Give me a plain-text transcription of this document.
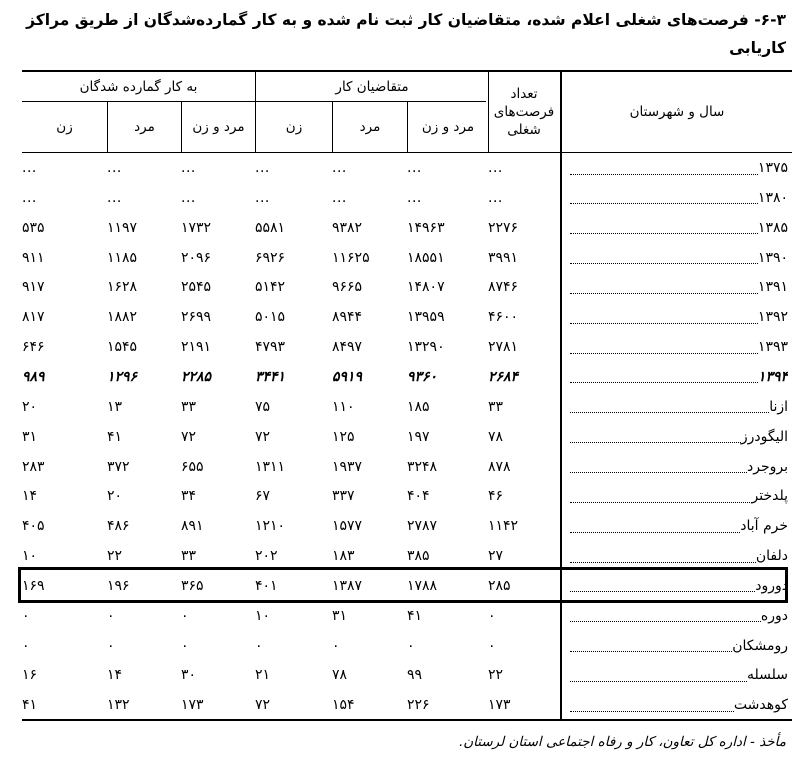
۶-۳- فرصت‌های شغلی اعلام شده، متقاضیان کار ثبت نام شده و به کار گمارده‌شدگان از طریق مراکز کاریابی
سال و شهرستان
تعداد فرصت‌های شغلی
متقاضیان کار
به کار گمارده شدگان
مرد و زن
مرد
زن
مرد و زن
مرد
زن
۱۳۷۵
...
...
...
...
...
...
...
۱۳۸۰
...
...
...
...
...
...
...
۱۳۸۵
۲۲۷۶
۱۴۹۶۳
۹۳۸۲
۵۵۸۱
۱۷۳۲
۱۱۹۷
۵۳۵
۱۳۹۰
۳۹۹۱
۱۸۵۵۱
۱۱۶۲۵
۶۹۲۶
۲۰۹۶
۱۱۸۵
۹۱۱
۱۳۹۱
۸۷۴۶
۱۴۸۰۷
۹۶۶۵
۵۱۴۲
۲۵۴۵
۱۶۲۸
۹۱۷
۱۳۹۲
۴۶۰۰
۱۳۹۵۹
۸۹۴۴
۵۰۱۵
۲۶۹۹
۱۸۸۲
۸۱۷
۱۳۹۳
۲۷۸۱
۱۳۲۹۰
۸۴۹۷
۴۷۹۳
۲۱۹۱
۱۵۴۵
۶۴۶
۱۳۹۴
۲۶۸۴
۹۳۶۰
۵۹۱۹
۳۴۴۱
۲۲۸۵
۱۲۹۶
۹۸۹
ازنا
۳۳
۱۸۵
۱۱۰
۷۵
۳۳
۱۳
۲۰
الیگودرز
۷۸
۱۹۷
۱۲۵
۷۲
۷۲
۴۱
۳۱
بروجرد
۸۷۸
۳۲۴۸
۱۹۳۷
۱۳۱۱
۶۵۵
۳۷۲
۲۸۳
پلدختر
۴۶
۴۰۴
۳۳۷
۶۷
۳۴
۲۰
۱۴
خرم آباد
۱۱۴۲
۲۷۸۷
۱۵۷۷
۱۲۱۰
۸۹۱
۴۸۶
۴۰۵
دلفان
۲۷
۳۸۵
۱۸۳
۲۰۲
۳۳
۲۲
۱۰
دورود
۲۸۵
۱۷۸۸
۱۳۸۷
۴۰۱
۳۶۵
۱۹۶
۱۶۹
دوره
۰
۴۱
۳۱
۱۰
۰
۰
۰
رومشکان
۰
۰
۰
۰
۰
۰
۰
سلسله
۲۲
۹۹
۷۸
۲۱
۳۰
۱۴
۱۶
کوهدشت
۱۷۳
۲۲۶
۱۵۴
۷۲
۱۷۳
۱۳۲
۴۱
مأخذ - اداره کل تعاون، کار و رفاه اجتماعی استان لرستان.
